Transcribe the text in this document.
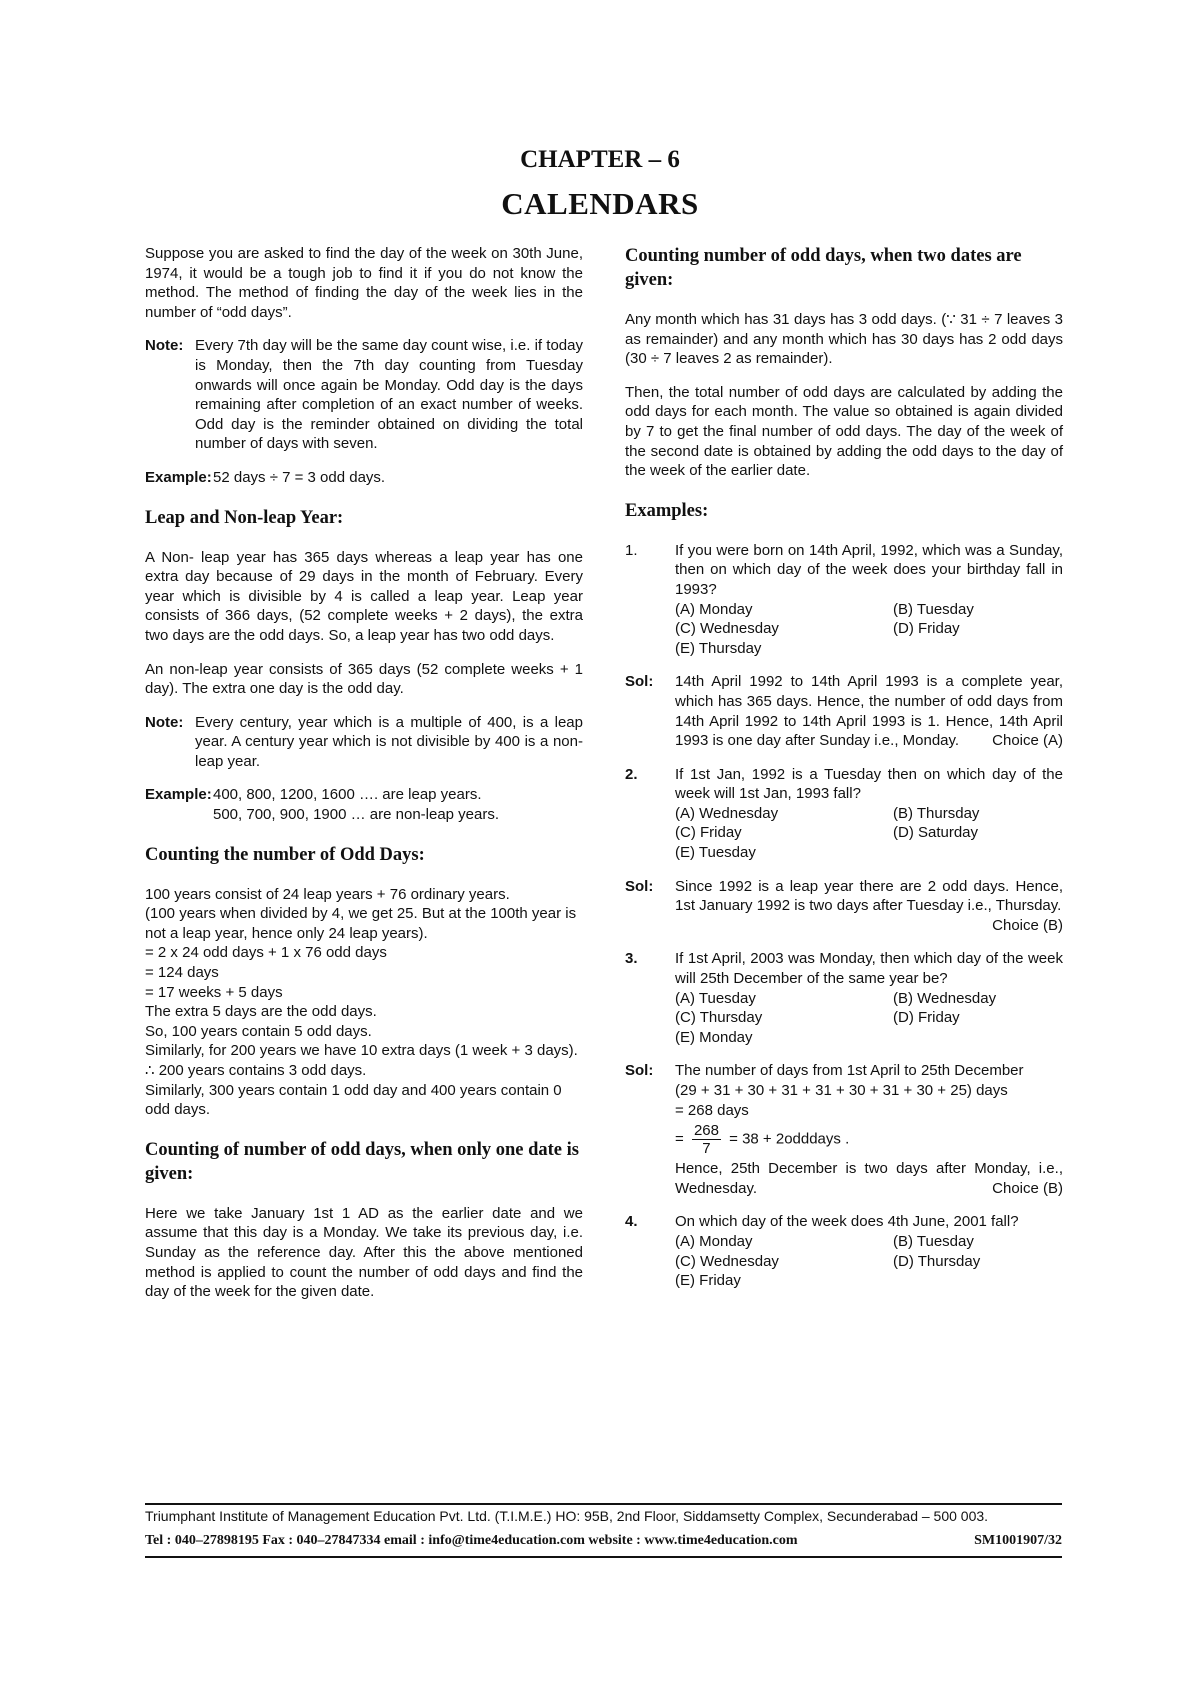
CHAPTER – 6
CALENDARS

Suppose you are asked to find the day of the week on 30th June, 1974, it would be a tough job to find it if you do not know the method. The method of finding the day of the week lies in the number of “odd days”.

Note: Every 7th day will be the same day count wise, i.e. if today is Monday, then the 7th day counting from Tuesday onwards will once again be Monday. Odd day is the days remaining after completion of an exact number of weeks. Odd day is the reminder obtained on dividing the total number of days with seven.
Example: 52 days ÷ 7 = 3 odd days.
Leap and Non-leap Year:

A Non- leap year has 365 days whereas a leap year has one extra day because of 29 days in the month of February. Every year which is divisible by 4 is called a leap year. Leap year consists of 366 days, (52 complete weeks + 2 days), the extra two days are the odd days. So, a leap year has two odd days.

An non-leap year consists of 365 days (52 complete weeks + 1 day). The extra one day is the odd day.

Note: Every century, year which is a multiple of 400, is a leap year. A century year which is not divisible by 400 is a non-leap year.
Example: 400, 800, 1200, 1600 …. are leap years.
500, 700, 900, 1900 … are non-leap years.
Counting the number of Odd Days:
100 years consist of 24 leap years + 76 ordinary years.
(100 years when divided by 4, we get 25. But at the 100th year is not a leap year, hence only 24 leap years).
= 2 x 24 odd days + 1 x 76 odd days
= 124 days
= 17 weeks + 5 days
The extra 5 days are the odd days.
So, 100 years contain 5 odd days.
Similarly, for 200 years we have 10 extra days (1 week + 3 days).
∴ 200 years contains 3 odd days.
Similarly, 300 years contain 1 odd day and 400 years contain 0 odd days.
Counting of number of odd days, when only one date is given:

Here we take January 1st 1 AD as the earlier date and we assume that this day is a Monday. We take its previous day, i.e. Sunday as the reference day. After this the above mentioned method is applied to count the number of odd days and find the day of the week for the given date.

Counting number of odd days, when two dates are given:

Any month which has 31 days has 3 odd days. (∵ 31 ÷ 7 leaves 3 as remainder) and any month which has 30 days has 2 odd days (30 ÷ 7 leaves 2 as remainder).

Then, the total number of odd days are calculated by adding the odd days for each month. The value so obtained is again divided by 7 to get the final number of odd days. The day of the week of the second date is obtained by adding the odd days to the day of the week of the earlier date.

Examples:
1.	If you were born on 14th April, 1992, which was a Sunday, then on which day of the week does your birthday fall in 1993?
(A) Monday	(B) Tuesday
(C) Wednesday	(D) Friday
(E) Thursday
Sol:	14th April 1992 to 14th April 1993 is a complete year, which has 365 days. Hence, the number of odd days from 14th April 1992 to 14th April 1993 is 1. Hence, 14th April 1993 is one day after Sunday i.e., Monday. Choice (A)
2.	If 1st Jan, 1992 is a Tuesday then on which day of the week will 1st Jan, 1993 fall?
(A) Wednesday	(B) Thursday
(C) Friday	(D) Saturday
(E) Tuesday
Sol:	Since 1992 is a leap year there are 2 odd days. Hence, 1st January 1992 is two days after Tuesday i.e., Thursday.
Choice (B)
3.	If 1st April, 2003 was Monday, then which day of the week will 25th December of the same year be?
(A) Tuesday	(B) Wednesday
(C) Thursday	(D) Friday
(E) Monday
Sol:	The number of days from 1st April to 25th December
(29 + 31 + 30 + 31 + 31 + 30 + 31 + 30 + 25) days
= 268 days
= $\frac{268}{7} = 38$ + 2odddays .
Hence, 25th December is two days after Monday, i.e., Wednesday.	Choice (B)
4.	On which day of the week does 4th June, 2001 fall?
(A) Monday	(B) Tuesday
(C) Wednesday	(D) Thursday
(E) Friday
Triumphant Institute of Management Education Pvt. Ltd. (T.I.M.E.) HO: 95B, 2nd Floor, Siddamsetty Complex, Secunderabad – 500 003.
Tel : 040–27898195 Fax : 040–27847334 email : info@time4education.com website : www.time4education.com	SM1001907/32
